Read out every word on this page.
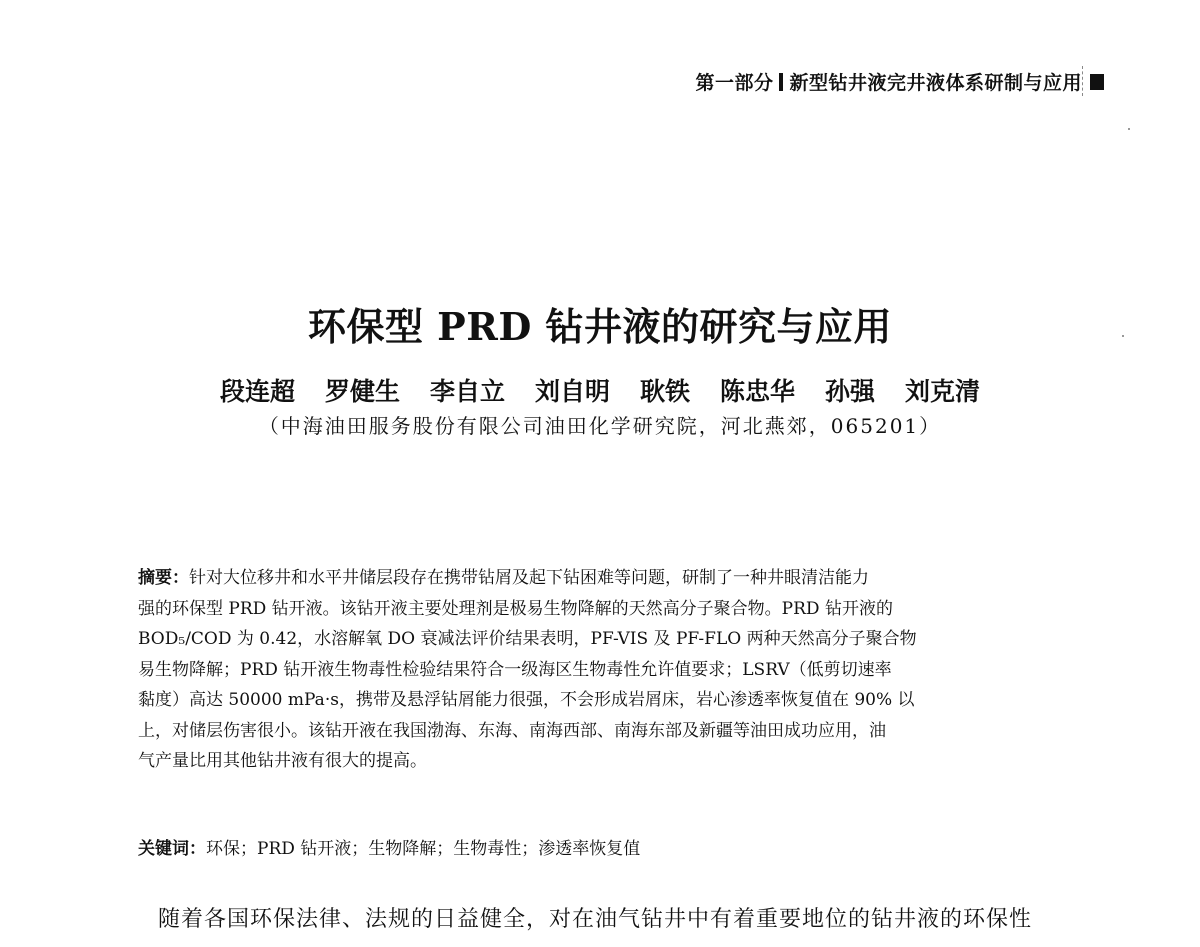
第一部分 新型钻井液完井液体系研制与应用
环保型 PRD 钻井液的研究与应用
段连超 罗健生 李自立 刘自明 耿铁 陈忠华 孙强 刘克清
（中海油田服务股份有限公司油田化学研究院，河北燕郊，065201）
摘要：针对大位移井和水平井储层段存在携带钻屑及起下钻困难等问题，研制了一种井眼清洁能力
强的环保型 PRD 钻开液。该钻开液主要处理剂是极易生物降解的天然高分子聚合物。PRD 钻开液的
BOD₅/COD 为 0.42，水溶解氧 DO 衰减法评价结果表明，PF-VIS 及 PF-FLO 两种天然高分子聚合物
易生物降解；PRD 钻开液生物毒性检验结果符合一级海区生物毒性允许值要求；LSRV（低剪切速率
黏度）高达 50000 mPa·s，携带及悬浮钻屑能力很强，不会形成岩屑床，岩心渗透率恢复值在 90% 以
上，对储层伤害很小。该钻开液在我国渤海、东海、南海西部、南海东部及新疆等油田成功应用，油
气产量比用其他钻井液有很大的提高。
关键词：环保；PRD 钻开液；生物降解；生物毒性；渗透率恢复值
随着各国环保法律、法规的日益健全，对在油气钻井中有着重要地位的钻井液的环保性
